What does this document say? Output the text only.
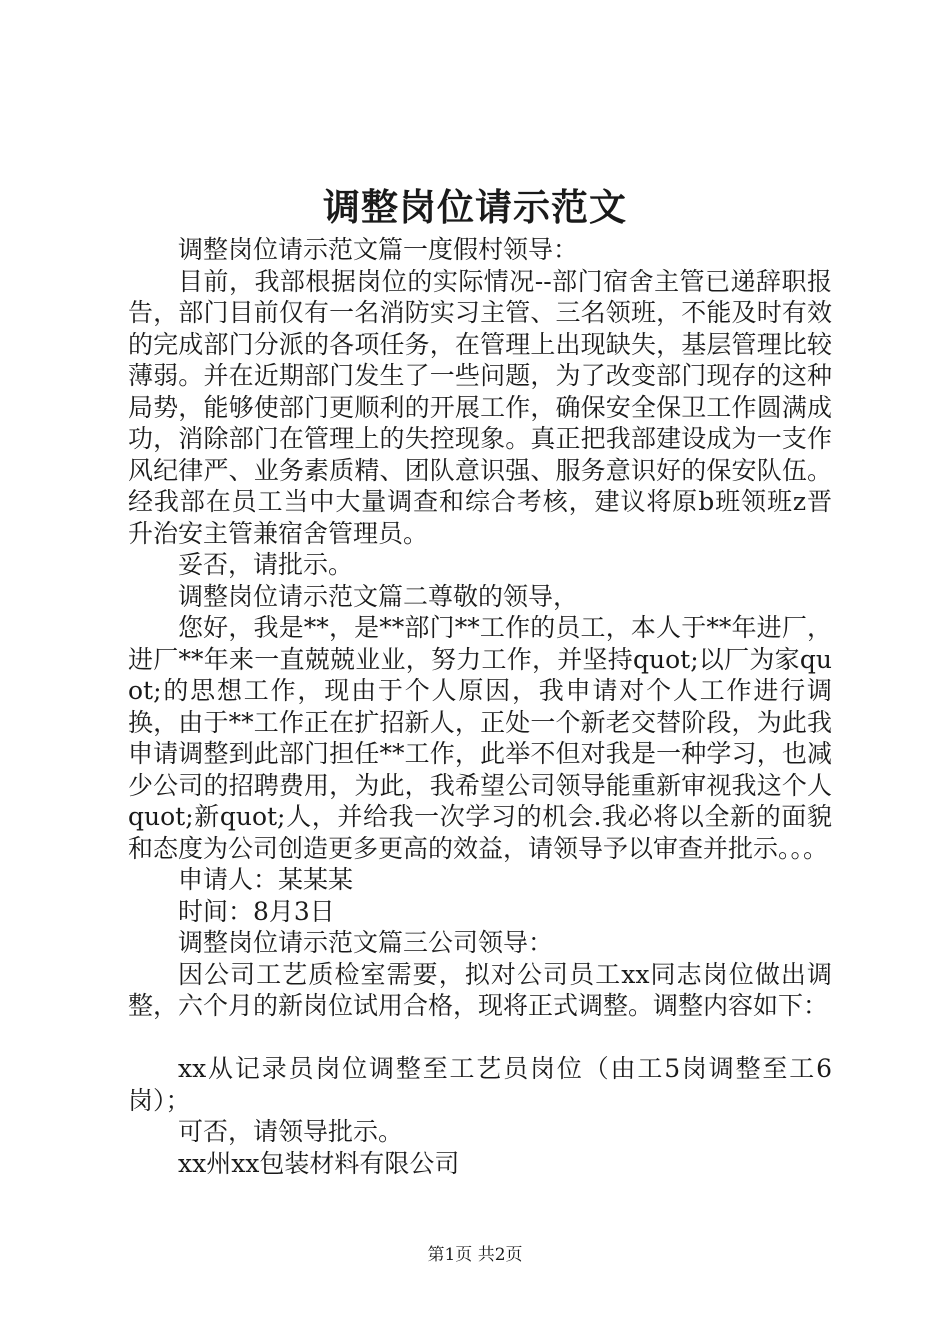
调整岗位请示范文

调整岗位请示范文篇一度假村领导：

目前，我部根据岗位的实际情况--部门宿舍主管已递辞职报告，部门目前仅有一名消防实习主管、三名领班，不能及时有效的完成部门分派的各项任务，在管理上出现缺失，基层管理比较薄弱。并在近期部门发生了一些问题，为了改变部门现存的这种局势，能够使部门更顺利的开展工作，确保安全保卫工作圆满成功，消除部门在管理上的失控现象。真正把我部建设成为一支作风纪律严、业务素质精、团队意识强、服务意识好的保安队伍。经我部在员工当中大量调查和综合考核，建议将原b班领班z晋升治安主管兼宿舍管理员。

妥否，请批示。

调整岗位请示范文篇二尊敬的领导，

您好，我是**，是**部门**工作的员工，本人于**年进厂，进厂**年来一直兢兢业业，努力工作，并坚持quot;以厂为家quot;的思想工作，现由于个人原因，我申请对个人工作进行调换，由于**工作正在扩招新人，正处一个新老交替阶段，为此我申请调整到此部门担任**工作，此举不但对我是一种学习，也减少公司的招聘费用，为此，我希望公司领导能重新审视我这个人quot;新quot;人，并给我一次学习的机会.我必将以全新的面貌和态度为公司创造更多更高的效益，请领导予以审查并批示。。。

申请人：某某某

时间：8月3日

调整岗位请示范文篇三公司领导：

因公司工艺质检室需要，拟对公司员工xx同志岗位做出调整，六个月的新岗位试用合格，现将正式调整。调整内容如下：

xx从记录员岗位调整至工艺员岗位（由工5岗调整至工6岗）；

可否，请领导批示。

xx州xx包装材料有限公司

第1页 共2页
